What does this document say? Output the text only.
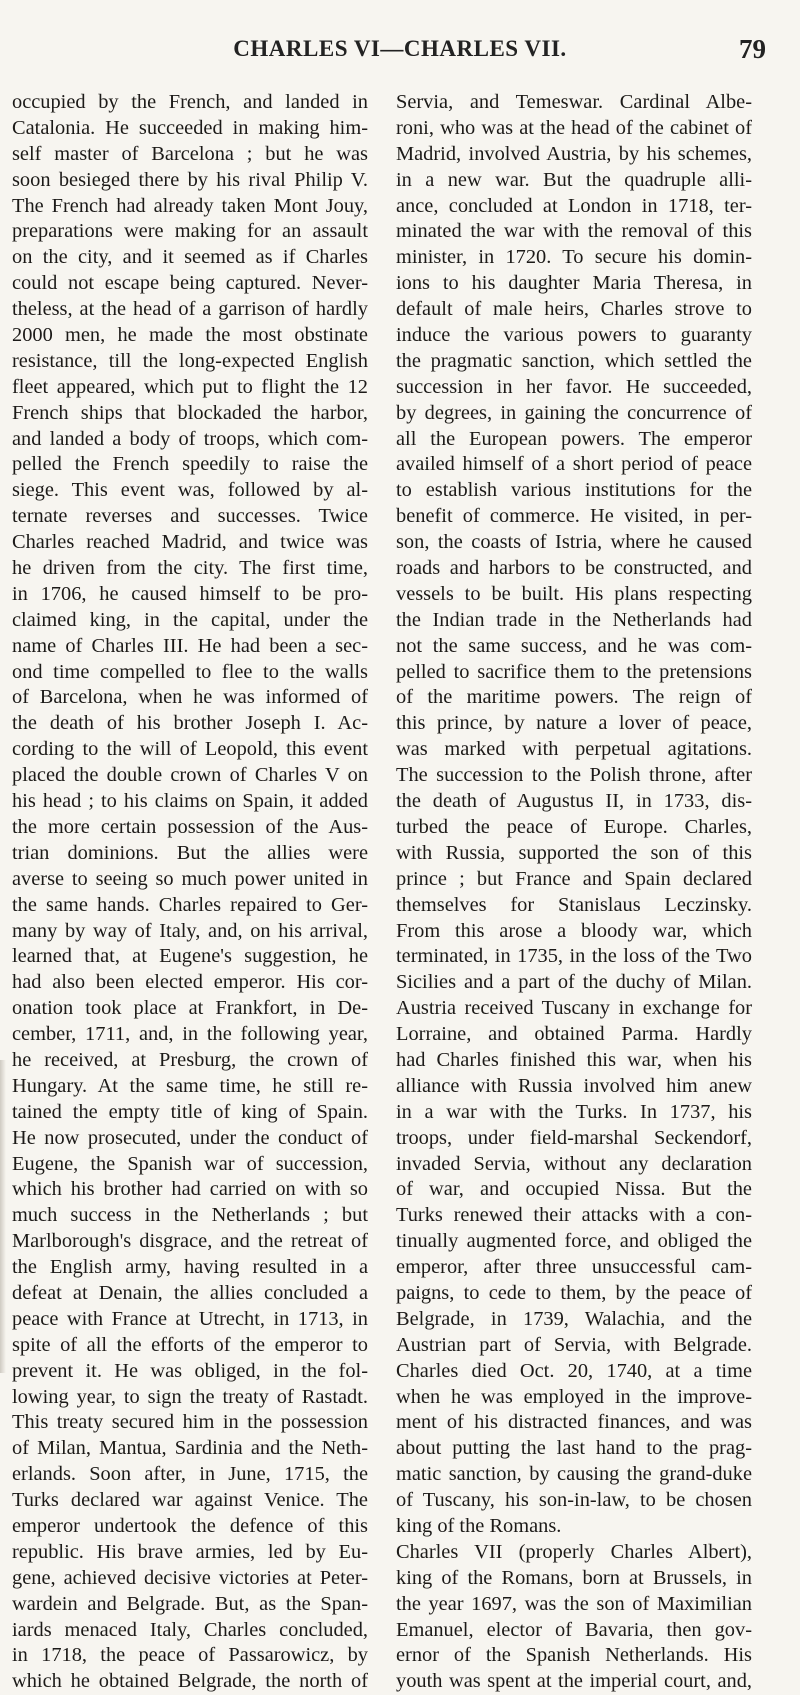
CHARLES VI—CHARLES VII.	79
occupied by the French, and landed in
Catalonia. He succeeded in making him-
self master of Barcelona ; but he was
soon besieged there by his rival Philip V.
The French had already taken Mont Jouy,
preparations were making for an assault
on the city, and it seemed as if Charles
could not escape being captured. Never-
theless, at the head of a garrison of hardly
2000 men, he made the most obstinate
resistance, till the long-expected English
fleet appeared, which put to flight the 12
French ships that blockaded the harbor,
and landed a body of troops, which com-
pelled the French speedily to raise the
siege. This event was, followed by al-
ternate reverses and successes. Twice
Charles reached Madrid, and twice was
he driven from the city. The first time,
in 1706, he caused himself to be pro-
claimed king, in the capital, under the
name of Charles III. He had been a sec-
ond time compelled to flee to the walls
of Barcelona, when he was informed of
the death of his brother Joseph I. Ac-
cording to the will of Leopold, this event
placed the double crown of Charles V on
his head ; to his claims on Spain, it added
the more certain possession of the Aus-
trian dominions. But the allies were
averse to seeing so much power united in
the same hands. Charles repaired to Ger-
many by way of Italy, and, on his arrival,
learned that, at Eugene's suggestion, he
had also been elected emperor. His cor-
onation took place at Frankfort, in De-
cember, 1711, and, in the following year,
he received, at Presburg, the crown of
Hungary. At the same time, he still re-
tained the empty title of king of Spain.
He now prosecuted, under the conduct of
Eugene, the Spanish war of succession,
which his brother had carried on with so
much success in the Netherlands ; but
Marlborough's disgrace, and the retreat of
the English army, having resulted in a
defeat at Denain, the allies concluded a
peace with France at Utrecht, in 1713, in
spite of all the efforts of the emperor to
prevent it. He was obliged, in the fol-
lowing year, to sign the treaty of Rastadt.
This treaty secured him in the possession
of Milan, Mantua, Sardinia and the Neth-
erlands. Soon after, in June, 1715, the
Turks declared war against Venice. The
emperor undertook the defence of this
republic. His brave armies, led by Eu-
gene, achieved decisive victories at Peter-
wardein and Belgrade. But, as the Span-
iards menaced Italy, Charles concluded,
in 1718, the peace of Passarowicz, by
which he obtained Belgrade, the north of
Servia, and Temeswar. Cardinal Albe-
roni, who was at the head of the cabinet of
Madrid, involved Austria, by his schemes,
in a new war. But the quadruple alli-
ance, concluded at London in 1718, ter-
minated the war with the removal of this
minister, in 1720. To secure his domin-
ions to his daughter Maria Theresa, in
default of male heirs, Charles strove to
induce the various powers to guaranty
the pragmatic sanction, which settled the
succession in her favor. He succeeded,
by degrees, in gaining the concurrence of
all the European powers. The emperor
availed himself of a short period of peace
to establish various institutions for the
benefit of commerce. He visited, in per-
son, the coasts of Istria, where he caused
roads and harbors to be constructed, and
vessels to be built. His plans respecting
the Indian trade in the Netherlands had
not the same success, and he was com-
pelled to sacrifice them to the pretensions
of the maritime powers. The reign of
this prince, by nature a lover of peace,
was marked with perpetual agitations.
The succession to the Polish throne, after
the death of Augustus II, in 1733, dis-
turbed the peace of Europe. Charles,
with Russia, supported the son of this
prince ; but France and Spain declared
themselves for Stanislaus Leczinsky.
From this arose a bloody war, which
terminated, in 1735, in the loss of the Two
Sicilies and a part of the duchy of Milan.
Austria received Tuscany in exchange for
Lorraine, and obtained Parma. Hardly
had Charles finished this war, when his
alliance with Russia involved him anew
in a war with the Turks. In 1737, his
troops, under field-marshal Seckendorf,
invaded Servia, without any declaration
of war, and occupied Nissa. But the
Turks renewed their attacks with a con-
tinually augmented force, and obliged the
emperor, after three unsuccessful cam-
paigns, to cede to them, by the peace of
Belgrade, in 1739, Walachia, and the
Austrian part of Servia, with Belgrade.
Charles died Oct. 20, 1740, at a time
when he was employed in the improve-
ment of his distracted finances, and was
about putting the last hand to the prag-
matic sanction, by causing the grand-duke
of Tuscany, his son-in-law, to be chosen
king of the Romans.
Charles VII (properly Charles Albert),
king of the Romans, born at Brussels, in
the year 1697, was the son of Maximilian
Emanuel, elector of Bavaria, then gov-
ernor of the Spanish Netherlands. His
youth was spent at the imperial court, and,
